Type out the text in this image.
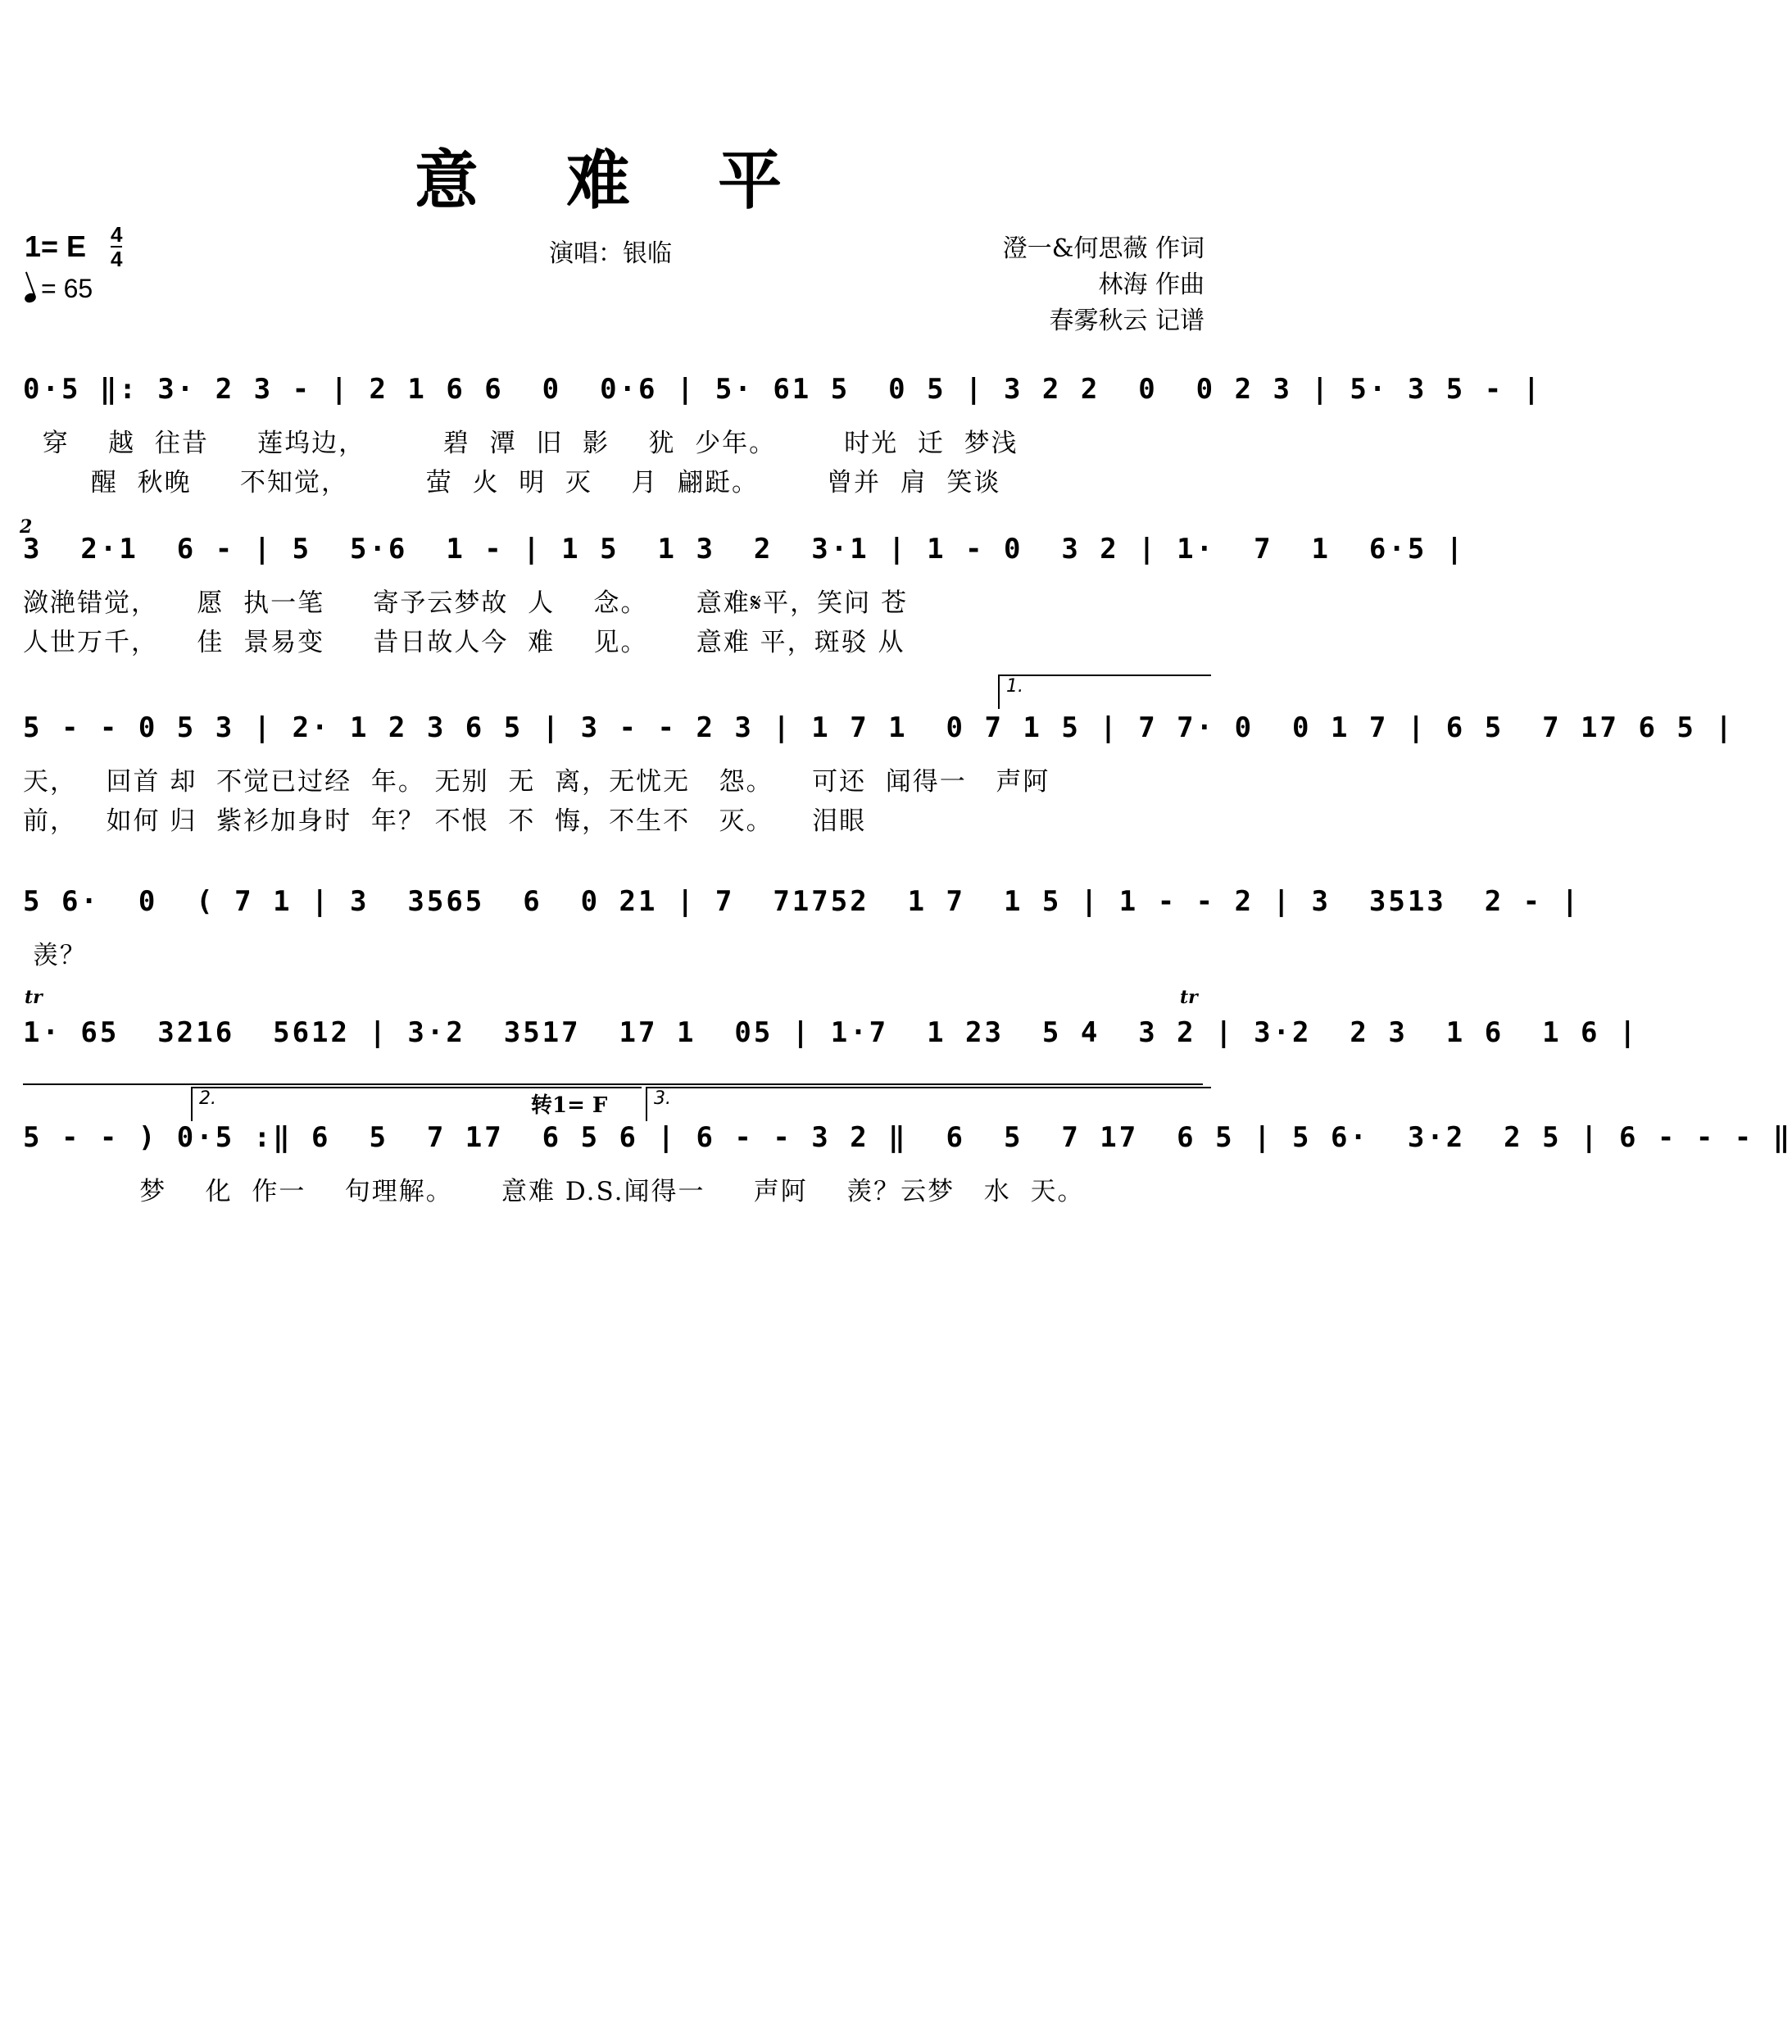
意 难 平
1= E 4
4
= 65
演唱：银临	澄一&何思薇 作词
林海 作曲
春雾秋云 记谱
0·5 ‖: 3· 2 3 - | 2 1 6 6  0  0·6 | 5· 61 5  0 5 | 3 2 2  0  0 2 3 | 5· 3 5 - |
穿    越  往昔     莲坞边，        碧  潭  旧  影    犹  少年。       时光  迁  梦浅
醒  秋晚     不知觉，        萤  火  明  灭    月  翩跹。       曾并  肩  笑谈
2
3  2·1  6 - | 5  5·6  1 - | 1 5  1 3  2  3·1 | 1 - 0  3 2 | 1·  7  1  6·5 |
潋滟错觉，    愿  执一笔     寄予云梦故  人    念。     意难𝄋平，笑问 苍
人世万千，    佳  景易变     昔日故人今  难    见。     意难 平，斑驳 从
1.
5 - - 0 5 3 | 2· 1 2 3 6 5 | 3 - - 2 3 | 1 7 1  0 7 1 5 | 7 7· 0  0 1 7 | 6 5  7 17 6 5 |
天，   回首 却  不觉已过经  年。 无别  无  离，无忧无   怨。    可还  闻得一   声阿
前，   如何 归  紫衫加身时  年？ 不恨  不  悔，不生不   灭。    泪眼
5 6·  0  ( 7 1 | 3  3565  6  0 21 | 7  71752  1 7  1 5 | 1 - - 2 | 3  3513  2 - |
羡？
tr	tr
1· 65  3216  5612 | 3·2  3517  17 1  05 | 1·7  1 23  5 4  3 2 | 3·2  2 3  1 6  1 6 |
2.	转1= F	3.
5 - - ) 0·5 :‖ 6  5  7 17  6 5 6 | 6 - - 3 2 ‖  6  5  7 17  6 5 | 5 6·  3·2  2 5 | 6 - - - ‖
梦    化  作一    句理解。     意难 D.S.闻得一     声阿    羡？云梦   水  天。
